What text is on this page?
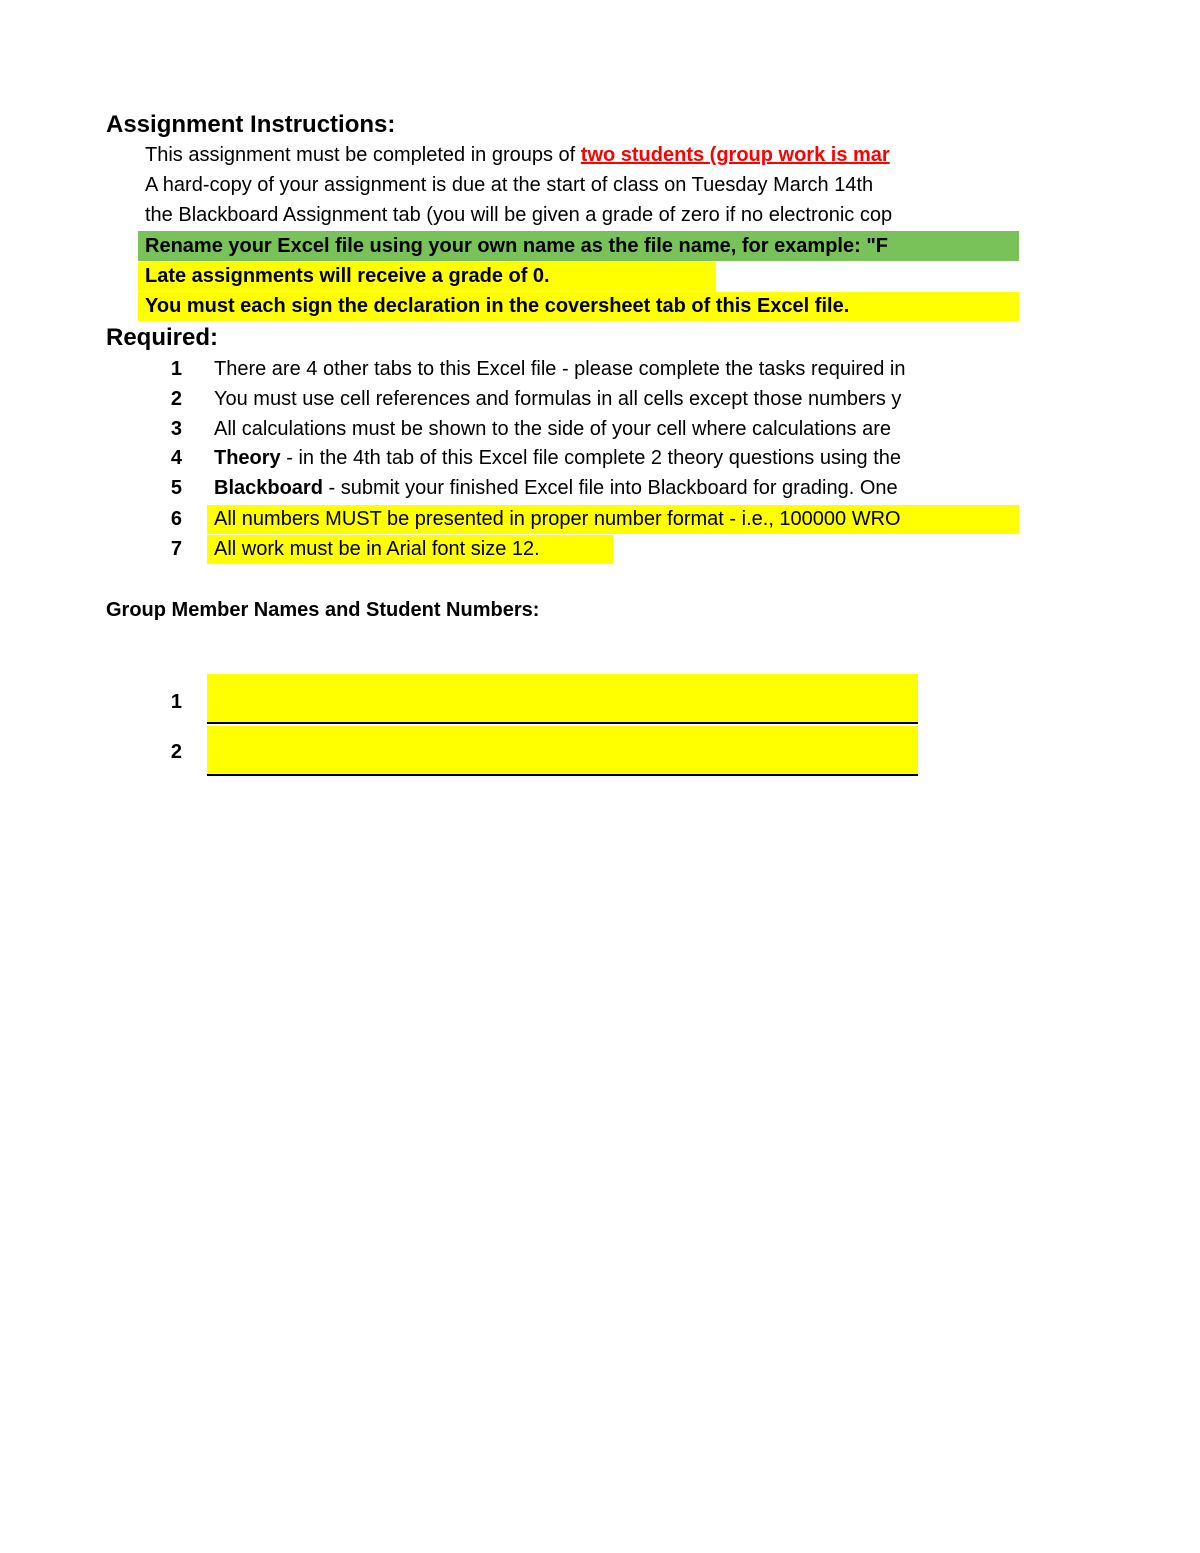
Assignment Instructions:
This assignment must be completed in groups of two students (group work is mar
A hard-copy of your assignment is due at the start of class on Tuesday March 14th
the Blackboard Assignment tab (you will be given a grade of zero if no electronic cop
Rename your Excel file using your own name as the file name, for example: "F
Late assignments will receive a grade of 0.
You must each sign the declaration in the coversheet tab of this Excel file.
Required:
1 There are 4 other tabs to this Excel file - please complete the tasks required in
2 You must use cell references and formulas in all cells except those numbers y
3 All calculations must be shown to the side of your cell where calculations are
4 Theory - in the 4th tab of this Excel file complete 2 theory questions using the
5 Blackboard - submit your finished Excel file into Blackboard for grading. One
6 All numbers MUST be presented in proper number format - i.e., 100000 WRO
7 All work must be in Arial font size 12.
Group Member Names and Student Numbers:
1
2
